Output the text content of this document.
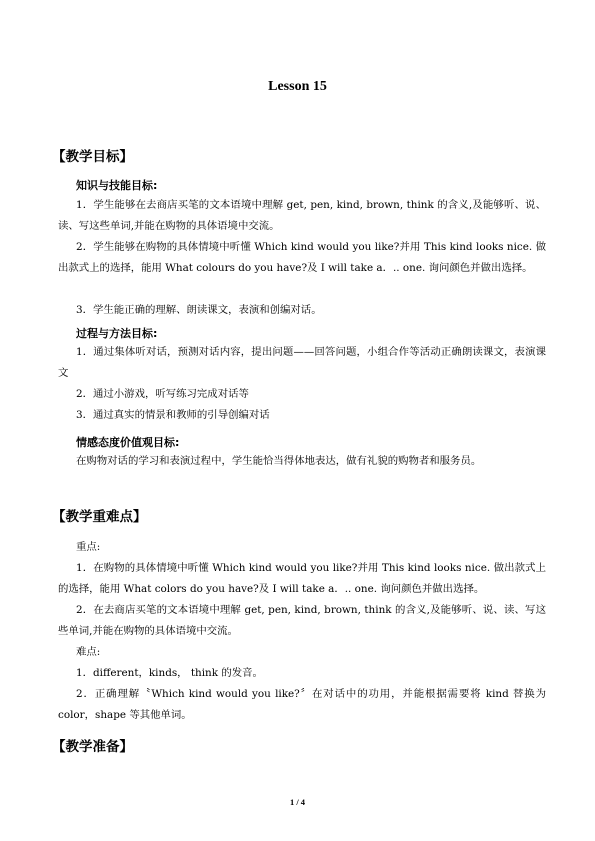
Lesson 15
【教学目标】
知识与技能目标:
1．学生能够在去商店买笔的文本语境中理解 get, pen, kind, brown, think 的含义,及能够听、说、读、写这些单词,并能在购物的具体语境中交流。
2．学生能够在购物的具体情境中听懂 Which kind would you like?并用 This kind looks nice. 做出款式上的选择，能用 What colours do you have?及 I will take a．.. one. 询问颜色并做出选择。
3．学生能正确的理解、朗读课文，表演和创编对话。
过程与方法目标:
1．通过集体听对话，预测对话内容，提出问题——回答问题，小组合作等活动正确朗读课文，表演课文
2．通过小游戏，听写练习完成对话等
3．通过真实的情景和教师的引导创编对话
情感态度价值观目标:
在购物对话的学习和表演过程中，学生能恰当得体地表达，做有礼貌的购物者和服务员。
【教学重难点】
重点:
1．在购物的具体情境中听懂 Which kind would you like?并用 This kind looks nice. 做出款式上的选择，能用 What colors do you have?及 I will take a．.. one. 询问颜色并做出选择。
2．在去商店买笔的文本语境中理解 get, pen, kind, brown, think 的含义,及能够听、说、读、写这些单词,并能在购物的具体语境中交流。
难点:
1．different，kinds， think 的发音。
2．正确理解〝Which kind would you like?〞在对话中的功用，并能根据需要将 kind 替换为 color，shape 等其他单词。
【教学准备】
1 / 4
